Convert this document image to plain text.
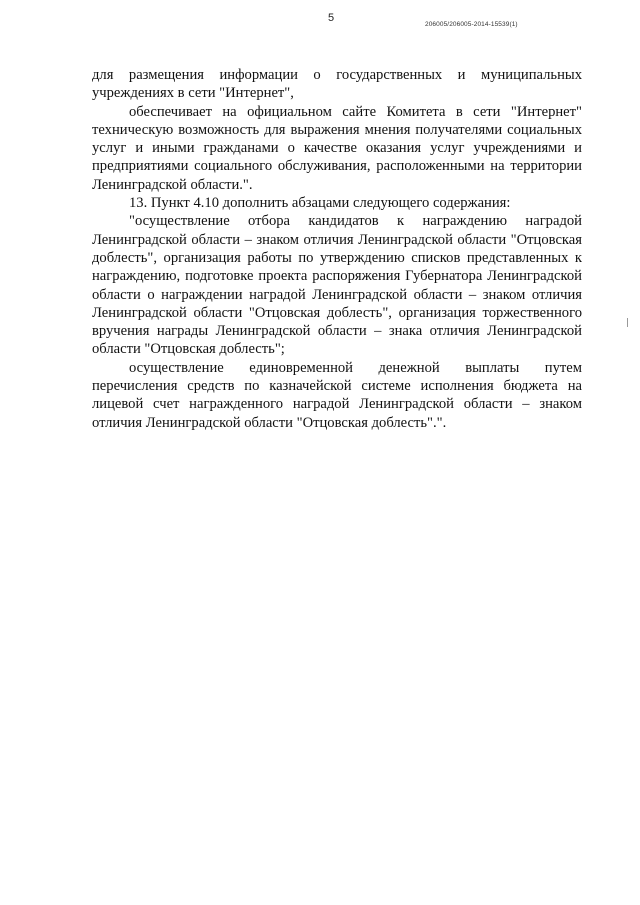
5
206005/206005-2014-15539(1)

для размещения информации о государственных и муниципальных учреждениях в сети "Интернет",

обеспечивает на официальном сайте Комитета в сети "Интернет" техническую возможность для выражения мнения получателями социальных услуг и иными гражданами о качестве оказания услуг учреждениями и предприятиями социального обслуживания, расположенными на территории Ленинградской области.".

13. Пункт 4.10 дополнить абзацами следующего содержания:

"осуществление отбора кандидатов к награждению наградой Ленинградской области – знаком отличия Ленинградской области "Отцовская доблесть", организация работы по утверждению списков представленных к награждению, подготовке проекта распоряжения Губернатора Ленинградской области о награждении наградой Ленинградской области – знаком отличия Ленинградской области "Отцовская доблесть", организация торжественного вручения награды Ленинградской области – знака отличия Ленинградской области "Отцовская доблесть";

осуществление единовременной денежной выплаты путем перечисления средств по казначейской системе исполнения бюджета на лицевой счет награжденного наградой Ленинградской области – знаком отличия Ленинградской области "Отцовская доблесть".".
